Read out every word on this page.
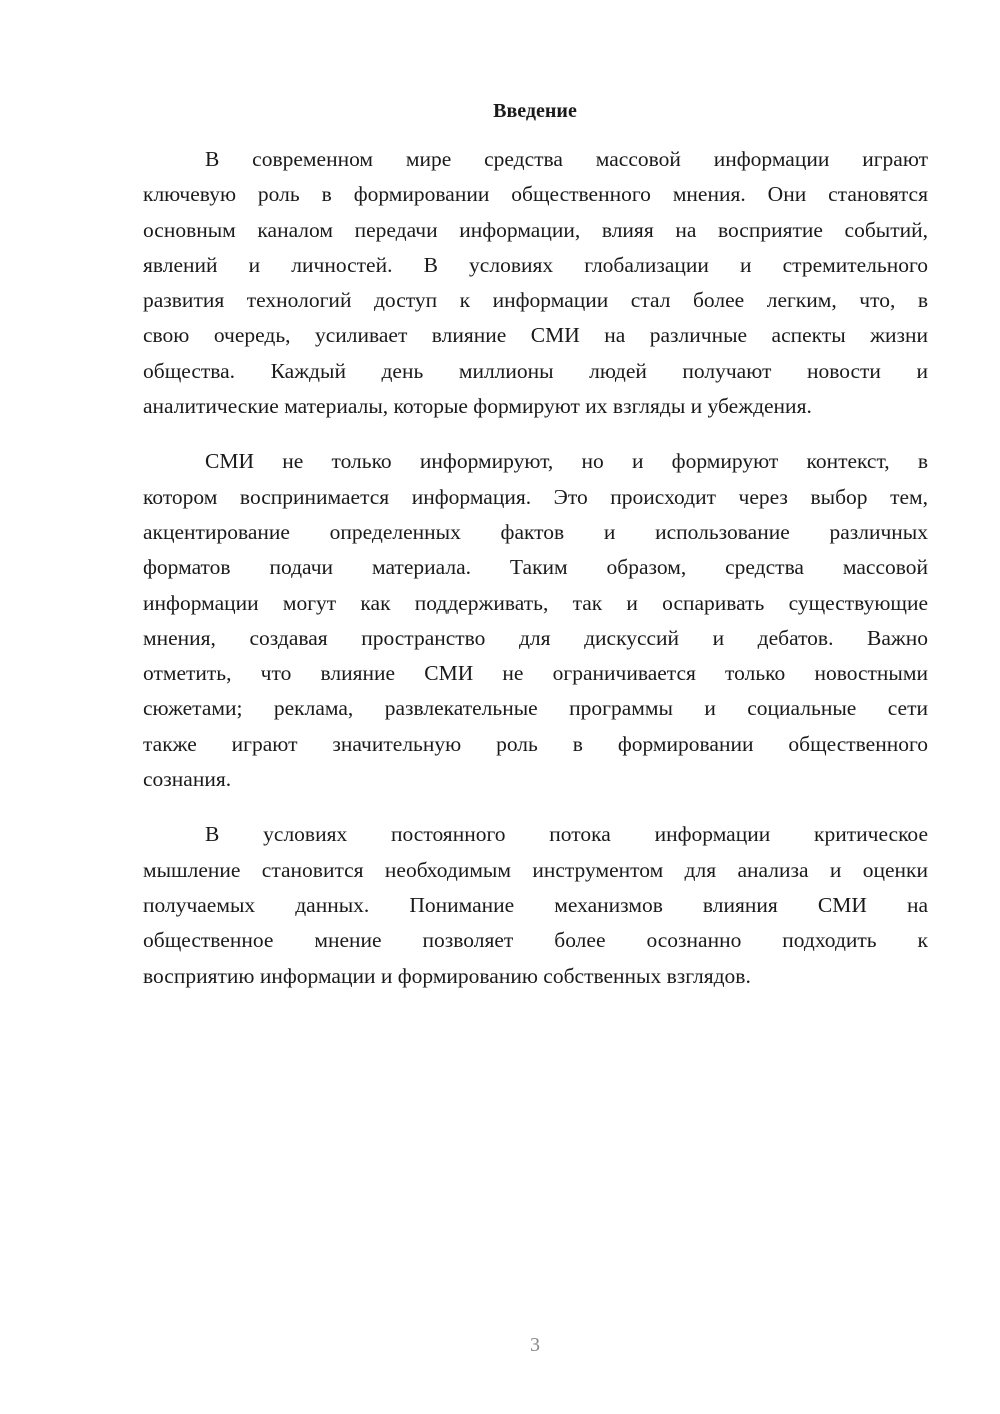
Введение
В современном мире средства массовой информации играют
ключевую роль в формировании общественного мнения. Они становятся
основным каналом передачи информации, влияя на восприятие событий,
явлений и личностей. В условиях глобализации и стремительного
развития технологий доступ к информации стал более легким, что, в
свою очередь, усиливает влияние СМИ на различные аспекты жизни
общества. Каждый день миллионы людей получают новости и
аналитические материалы, которые формируют их взгляды и убеждения.
СМИ не только информируют, но и формируют контекст, в
котором воспринимается информация. Это происходит через выбор тем,
акцентирование определенных фактов и использование различных
форматов подачи материала. Таким образом, средства массовой
информации могут как поддерживать, так и оспаривать существующие
мнения, создавая пространство для дискуссий и дебатов. Важно
отметить, что влияние СМИ не ограничивается только новостными
сюжетами; реклама, развлекательные программы и социальные сети
также играют значительную роль в формировании общественного
сознания.
В условиях постоянного потока информации критическое
мышление становится необходимым инструментом для анализа и оценки
получаемых данных. Понимание механизмов влияния СМИ на
общественное мнение позволяет более осознанно подходить к
восприятию информации и формированию собственных взглядов.
3
